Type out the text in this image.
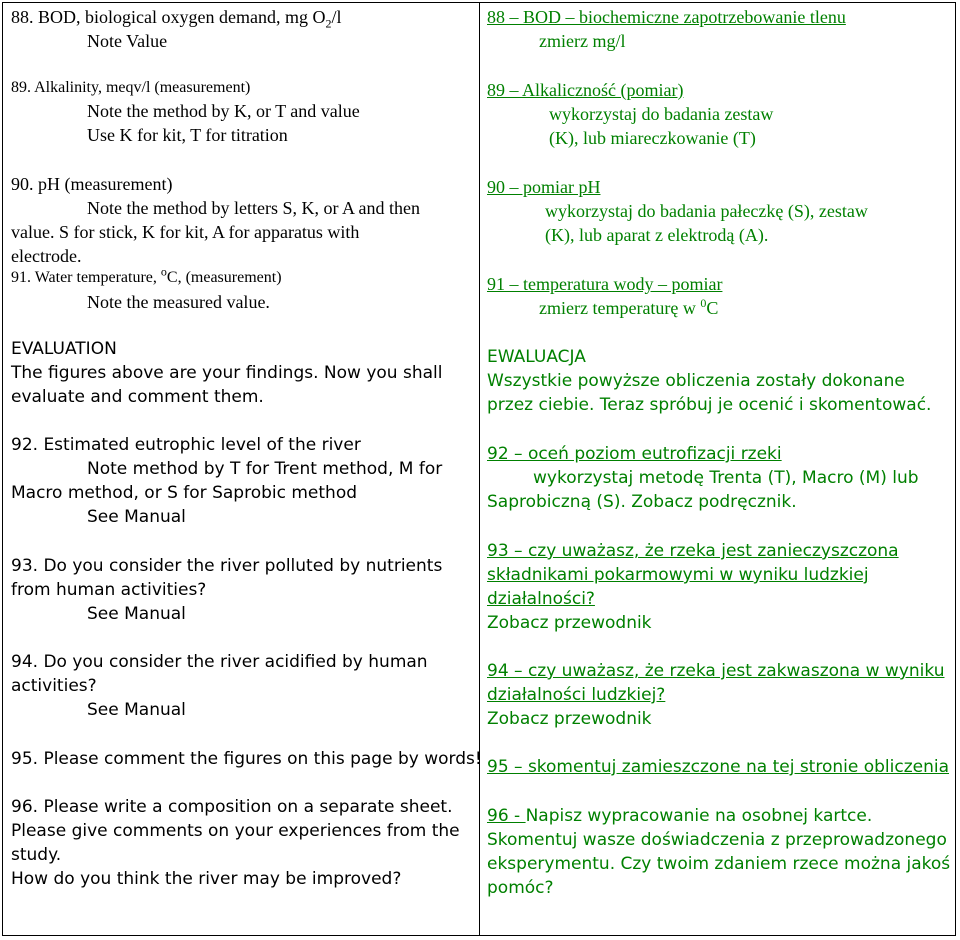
88. BOD, biological oxygen demand, mg $O_2/l$
Note Value
89. Alkalinity, meqv/l (measurement)
Note the method by K, or T and value
Use K for kit, T for titration
90. pH (measurement)
Note the method by letters S, K, or A and then
value. S for stick, K for kit, A for apparatus with
electrode.
91. Water temperature, $^o$C, (measurement)
Note the measured value.
EVALUATION
The figures above are your findings. Now you shall
evaluate and comment them.
92. Estimated eutrophic level of the river
Note method by T for Trent method, M for
Macro method, or S for Saprobic method
See Manual
93. Do you consider the river polluted by nutrients
from human activities?
See Manual
94. Do you consider the river acidified by human
activities?
See Manual
95. Please comment the figures on this page by words!
96. Please write a composition on a separate sheet.
Please give comments on your experiences from the
study.
How do you think the river may be improved?
88 – BOD – biochemiczne zapotrzebowanie tlenu
zmierz mg/l
89 – Alkaliczność (pomiar)
wykorzystaj do badania zestaw
(K), lub miareczkowanie (T)
90 – pomiar pH
wykorzystaj do badania pałeczkę (S), zestaw
(K), lub aparat z elektrodą (A).
91 – temperatura wody – pomiar
zmierz temperaturę w $^0$C
EWALUACJA
Wszystkie powyższe obliczenia zostały dokonane
przez ciebie. Teraz spróbuj je ocenić i skomentować.
92 – oceń poziom eutrofizacji rzeki
wykorzystaj metodę Trenta (T), Macro (M) lub
Saprobiczną (S). Zobacz podręcznik.
93 – czy uważasz, że rzeka jest zanieczyszczona
składnikami pokarmowymi w wyniku ludzkiej
działalności?
Zobacz przewodnik
94 – czy uważasz, że rzeka jest zakwaszona w wyniku
działalności ludzkiej?
Zobacz przewodnik
95 – skomentuj zamieszczone na tej stronie obliczenia
96 - Napisz wypracowanie na osobnej kartce.
Skomentuj wasze doświadczenia z przeprowadzonego
eksperymentu. Czy twoim zdaniem rzece można jakoś
pomóc?
